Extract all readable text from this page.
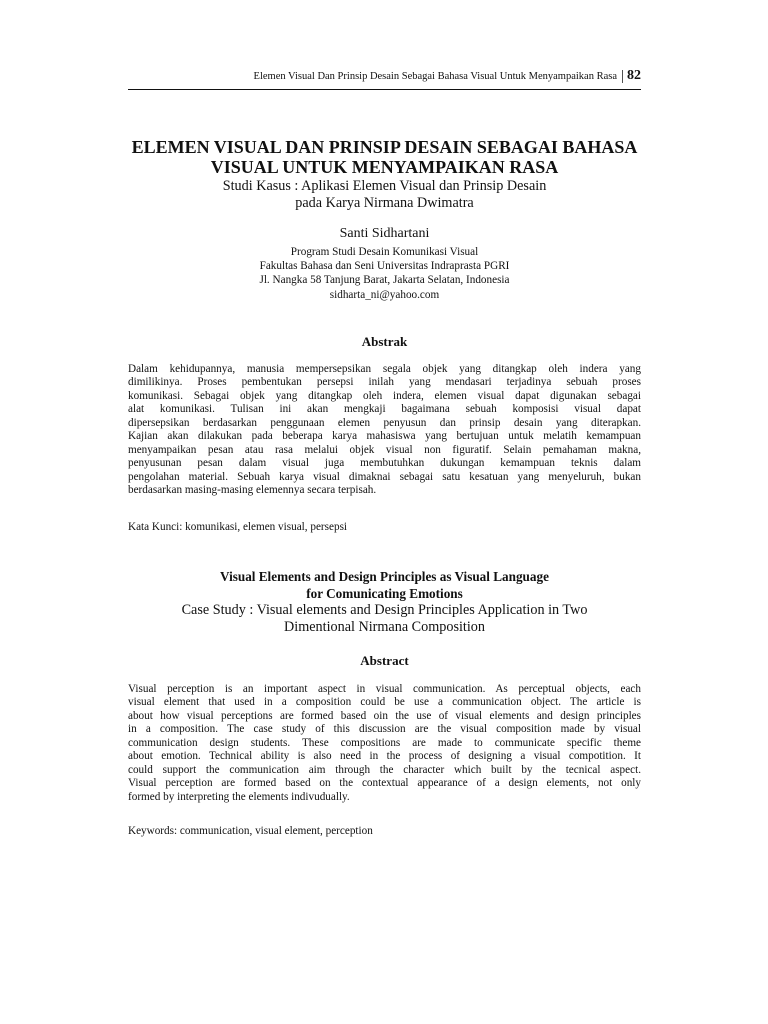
Elemen Visual Dan Prinsip Desain Sebagai Bahasa Visual Untuk Menyampaikan Rasa | 82
ELEMEN VISUAL DAN PRINSIP DESAIN SEBAGAI BAHASA
VISUAL UNTUK MENYAMPAIKAN RASA
Studi Kasus : Aplikasi Elemen Visual dan Prinsip Desain
pada Karya Nirmana Dwimatra
Santi Sidhartani
Program Studi Desain Komunikasi Visual
Fakultas Bahasa dan Seni Universitas Indraprasta PGRI
Jl. Nangka 58 Tanjung Barat, Jakarta Selatan, Indonesia
sidharta_ni@yahoo.com
Abstrak
Dalam kehidupannya, manusia mempersepsikan segala objek yang ditangkap oleh indera yang
dimilikinya. Proses pembentukan persepsi inilah yang mendasari terjadinya sebuah proses
komunikasi. Sebagai objek yang ditangkap oleh indera, elemen visual dapat digunakan sebagai
alat komunikasi. Tulisan ini akan mengkaji bagaimana sebuah komposisi visual dapat
dipersepsikan berdasarkan penggunaan elemen penyusun dan prinsip desain yang diterapkan.
Kajian akan dilakukan pada beberapa karya mahasiswa yang bertujuan untuk melatih kemampuan
menyampaikan pesan atau rasa melalui objek visual non figuratif. Selain pemahaman makna,
penyusunan pesan dalam visual juga membutuhkan dukungan kemampuan teknis dalam
pengolahan material. Sebuah karya visual dimaknai sebagai satu kesatuan yang menyeluruh, bukan
berdasarkan masing-masing elemennya secara terpisah.
Kata Kunci: komunikasi, elemen visual, persepsi
Visual Elements and Design Principles as Visual Language
for Comunicating Emotions
Case Study : Visual elements and Design Principles Application in Two
Dimentional Nirmana Composition
Abstract
Visual perception is an important aspect in visual communication. As perceptual objects, each
visual element that used in a composition could be use a communication object. The article is
about how visual perceptions are formed based oin the use of visual elements and design principles
in a composition. The case study of this discussion are the visual composition made by visual
communication design students. These compositions are made to communicate specific theme
about emotion. Technical ability is also need in the process of designing a visual compotition. It
could support the communication aim through the character which built by the tecnical aspect.
Visual perception are formed based on the contextual appearance of a design elements, not only
formed by interpreting the elements indivudually.
Keywords: communication, visual element, perception
